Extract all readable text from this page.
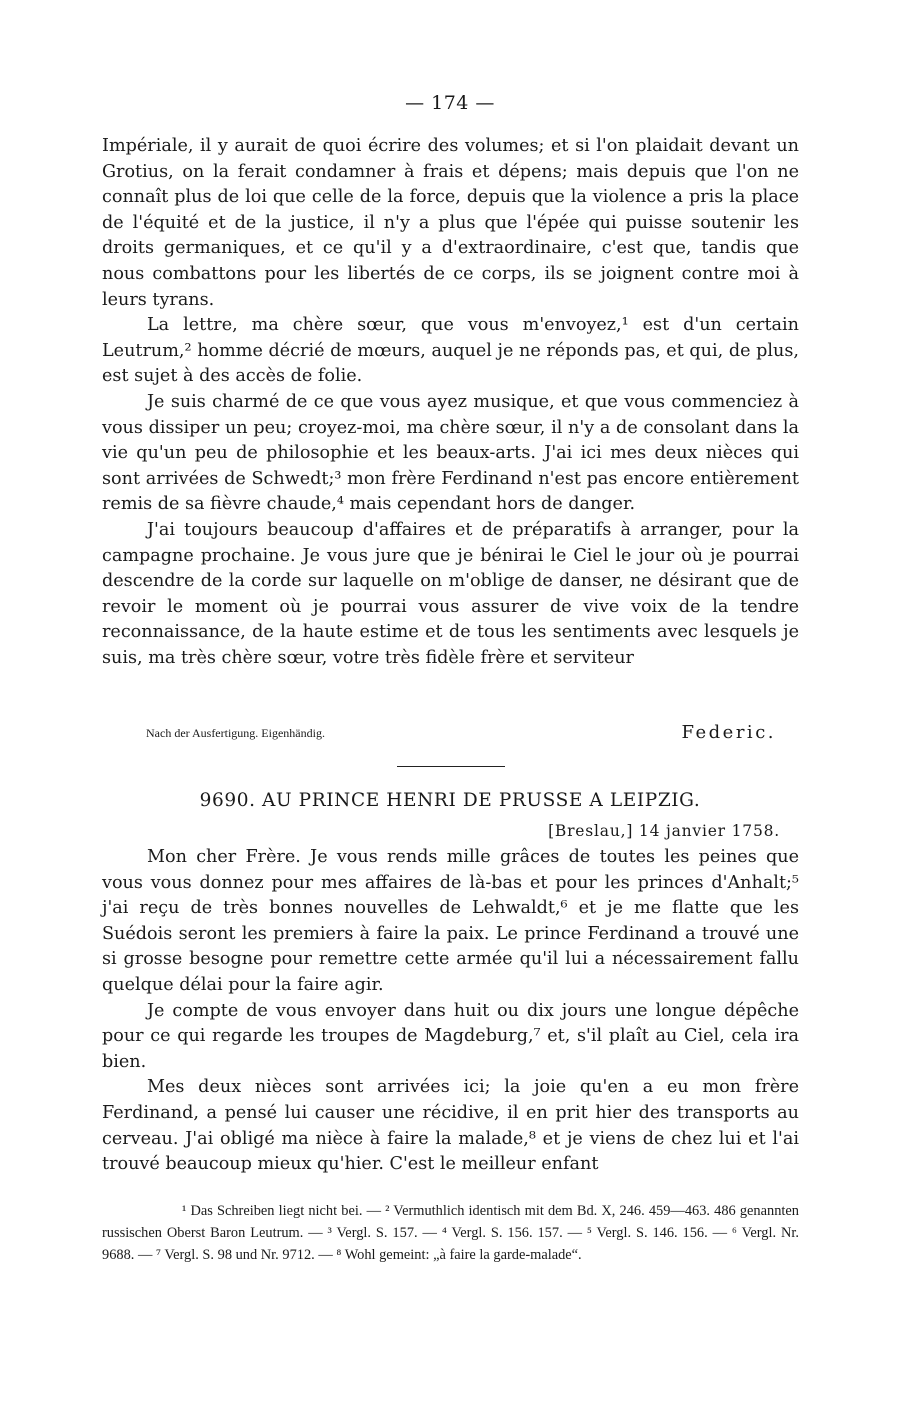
— 174 —

Impériale, il y aurait de quoi écrire des volumes; et si l'on plaidait devant un Grotius, on la ferait condamner à frais et dépens; mais depuis que l'on ne connaît plus de loi que celle de la force, depuis que la violence a pris la place de l'équité et de la justice, il n'y a plus que l'épée qui puisse soutenir les droits germaniques, et ce qu'il y a d'extraordinaire, c'est que, tandis que nous combattons pour les libertés de ce corps, ils se joignent contre moi à leurs tyrans.

La lettre, ma chère sœur, que vous m'envoyez,¹ est d'un certain Leutrum,² homme décrié de mœurs, auquel je ne réponds pas, et qui, de plus, est sujet à des accès de folie.

Je suis charmé de ce que vous ayez musique, et que vous commenciez à vous dissiper un peu; croyez-moi, ma chère sœur, il n'y a de consolant dans la vie qu'un peu de philosophie et les beaux-arts. J'ai ici mes deux nièces qui sont arrivées de Schwedt;³ mon frère Ferdinand n'est pas encore entièrement remis de sa fièvre chaude,⁴ mais cependant hors de danger.

J'ai toujours beaucoup d'affaires et de préparatifs à arranger, pour la campagne prochaine. Je vous jure que je bénirai le Ciel le jour où je pourrai descendre de la corde sur laquelle on m'oblige de danser, ne désirant que de revoir le moment où je pourrai vous assurer de vive voix de la tendre reconnaissance, de la haute estime et de tous les sentiments avec lesquels je suis, ma très chère sœur, votre très fidèle frère et serviteur

Nach der Ausfertigung. Eigenhändig.	Federic.
9690. AU PRINCE HENRI DE PRUSSE A LEIPZIG.
[Breslau,] 14 janvier 1758.

Mon cher Frère. Je vous rends mille grâces de toutes les peines que vous vous donnez pour mes affaires de là-bas et pour les princes d'Anhalt;⁵ j'ai reçu de très bonnes nouvelles de Lehwaldt,⁶ et je me flatte que les Suédois seront les premiers à faire la paix. Le prince Ferdinand a trouvé une si grosse besogne pour remettre cette armée qu'il lui a nécessairement fallu quelque délai pour la faire agir.

Je compte de vous envoyer dans huit ou dix jours une longue dépêche pour ce qui regarde les troupes de Magdeburg,⁷ et, s'il plaît au Ciel, cela ira bien.

Mes deux nièces sont arrivées ici; la joie qu'en a eu mon frère Ferdinand, a pensé lui causer une récidive, il en prit hier des transports au cerveau. J'ai obligé ma nièce à faire la malade,⁸ et je viens de chez lui et l'ai trouvé beaucoup mieux qu'hier. C'est le meilleur enfant

¹ Das Schreiben liegt nicht bei. — ² Vermuthlich identisch mit dem Bd. X, 246. 459—463. 486 genannten russischen Oberst Baron Leutrum. — ³ Vergl. S. 157. — ⁴ Vergl. S. 156. 157. — ⁵ Vergl. S. 146. 156. — ⁶ Vergl. Nr. 9688. — ⁷ Vergl. S. 98 und Nr. 9712. — ⁸ Wohl gemeint: „à faire la garde-malade“.
